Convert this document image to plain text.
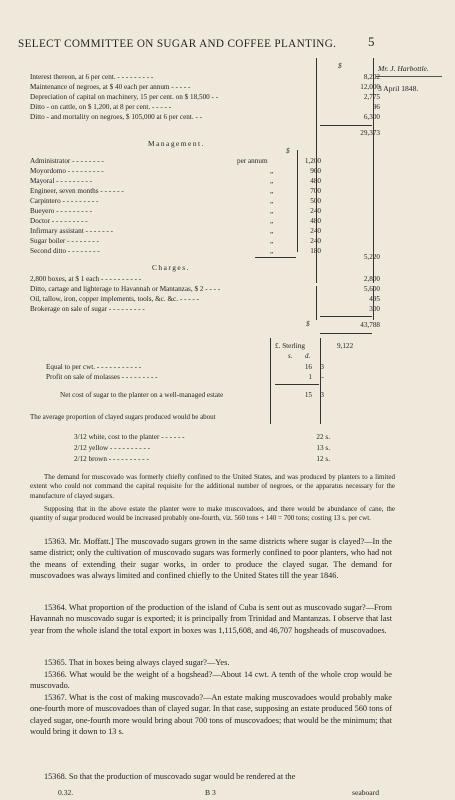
SELECT COMMITTEE ON SUGAR AND COFFEE PLANTING. 5
Mr. J. Harbottle.
3 April 1848.
$
Interest thereon, at 6 per cent. - - - - - - - - -	8,202
Maintenance of negroes, at $ 40 each per annum - - - - -	12,000
Depreciation of capital on machinery, 15 per cent. on $ 18,500 - -	2,775
Ditto - on cattle, on $ 1,200, at 8 per cent. - - - - -	96
Ditto - and mortality on negroes, $ 105,000 at 6 per cent. - -	6,300
29,373
Management.
$
Administrator - - - - - - - -	per annum	1,200
Moyordomo - - - - - - - - -	„	960
Mayoral - - - - - - - - -	„	480
Engineer, seven months - - - - - -	„	700
Carpintero - - - - - - - - -	„	500
Bueyero - - - - - - - - -	„	240
Doctor - - - - - - - - -	„	480
Infirmary assistant - - - - - - -	„	240
Sugar boiler - - - - - - - -	„	240
Second ditto - - - - - - - -	„	180
5,220
Charges.
2,800 boxes, at $ 1 each - - - - - - - - - -	2,800
Ditto, cartage and lighterage to Havannah or Mantanzas, $ 2 - - - -	5,600
Oil, tallow, iron, copper implements, tools, &c. &c. - - - - -	495
Brokerage on sale of sugar - - - - - - - - -	300
$	43,788
£. Sterling	9,122
s. d.
Equal to per cwt. - - - - - - - - - - -	16	3
Profit on sale of molasses - - - - - - - - -	1	–
Net cost of sugar to the planter on a well-managed estate	15	3
The average proportion of clayed sugars produced would be about
3/12 white, cost to the planter - - - - - -	22 s.
2/12 yellow - - - - - - - - - -	13 s.
2/12 brown - - - - - - - - - -	12 s.
The demand for muscovado was formerly chiefly confined to the United States, and was produced by planters to a limited extent who could not command the capital requisite for the additional number of negroes, or the apparatus necessary for the manufacture of clayed sugars.
Supposing that in the above estate the planter were to make muscovadoes, and there would be abundance of cane, the quantity of sugar produced would be increased probably one-fourth, viz. 560 tons + 140 = 700 tons; costing 13 s. per cwt.
15363. Mr. Moffatt.] The muscovado sugars grown in the same districts where sugar is clayed?—In the same district; only the cultivation of muscovado sugars was formerly confined to poor planters, who had not the means of extending their sugar works, in order to produce the clayed sugar. The demand for muscovadoes was always limited and confined chiefly to the United States till the year 1846.
15364. What proportion of the production of the island of Cuba is sent out as muscovado sugar?—From Havannah no muscovado sugar is exported; it is principally from Trinidad and Mantanzas. I observe that last year from the whole island the total export in boxes was 1,115,608, and 46,707 hogsheads of muscovadoes.
15365. That in boxes being always clayed sugar?—Yes.
15366. What would be the weight of a hogshead?—About 14 cwt. A tenth of the whole crop would be muscovado.
15367. What is the cost of making muscovado?—An estate making muscovadoes would probably make one-fourth more of muscovadoes than of clayed sugar. In that case, supposing an estate produced 560 tons of clayed sugar, one-fourth more would bring about 700 tons of muscovadoes; that would be the minimum; that would bring it down to 13 s.
15368. So that the production of muscovado sugar would be rendered at the
0.32.	B 3	seaboard
